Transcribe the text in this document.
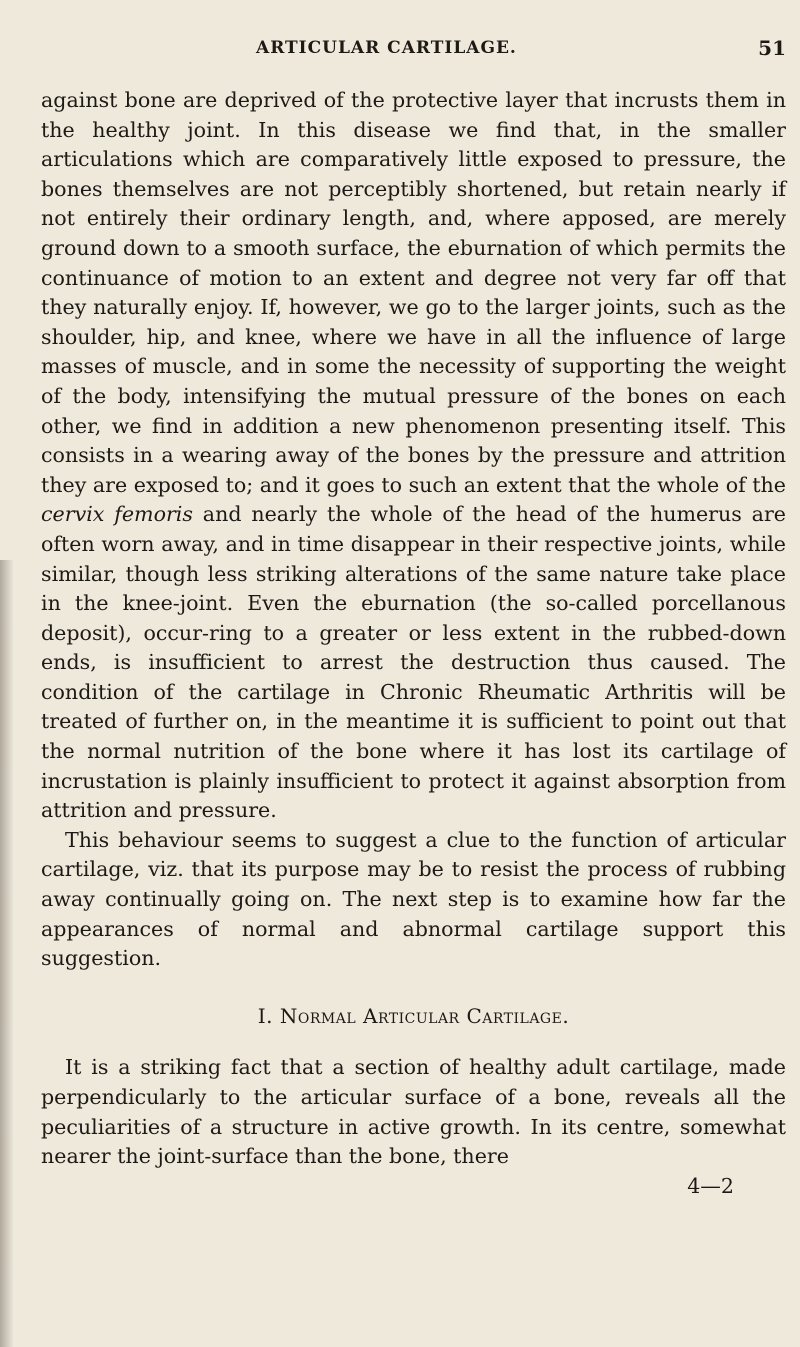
ARTICULAR CARTILAGE.	51

against bone are deprived of the protective layer that incrusts them in the healthy joint. In this disease we find that, in the smaller articulations which are comparatively little exposed to pressure, the bones themselves are not perceptibly shortened, but retain nearly if not entirely their ordinary length, and, where apposed, are merely ground down to a smooth surface, the eburnation of which permits the continuance of motion to an extent and degree not very far off that they naturally enjoy. If, however, we go to the larger joints, such as the shoulder, hip, and knee, where we have in all the influence of large masses of muscle, and in some the necessity of supporting the weight of the body, intensifying the mutual pressure of the bones on each other, we find in addition a new phenomenon presenting itself. This consists in a wearing away of the bones by the pressure and attrition they are exposed to; and it goes to such an extent that the whole of the cervix femoris and nearly the whole of the head of the humerus are often worn away, and in time disappear in their respective joints, while similar, though less striking alterations of the same nature take place in the knee-joint. Even the eburnation (the so-called porcellanous deposit), occur-ring to a greater or less extent in the rubbed-down ends, is insufficient to arrest the destruction thus caused. The condition of the cartilage in Chronic Rheumatic Arthritis will be treated of further on, in the meantime it is sufficient to point out that the normal nutrition of the bone where it has lost its cartilage of incrustation is plainly insufficient to protect it against absorption from attrition and pressure.

This behaviour seems to suggest a clue to the function of articular cartilage, viz. that its purpose may be to resist the process of rubbing away continually going on. The next step is to examine how far the appearances of normal and abnormal cartilage support this suggestion.

I. Normal Articular Cartilage.

It is a striking fact that a section of healthy adult cartilage, made perpendicularly to the articular surface of a bone, reveals all the peculiarities of a structure in active growth. In its centre, somewhat nearer the joint-surface than the bone, there

4—2
